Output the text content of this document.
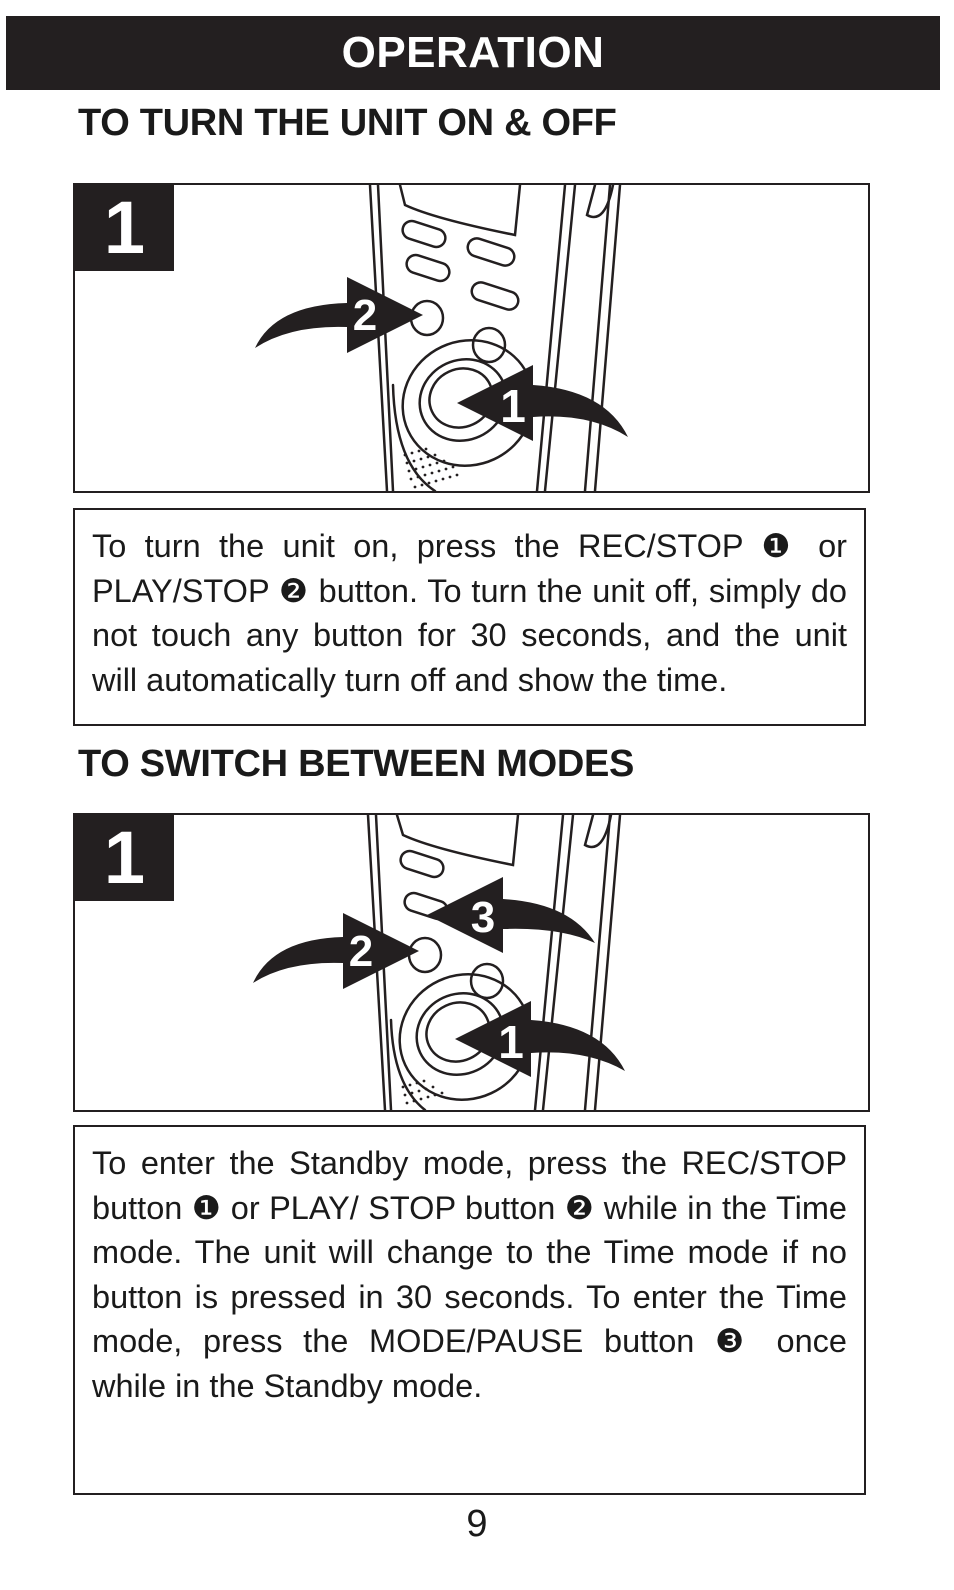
OPERATION
TO TURN THE UNIT ON & OFF
2
1
1
To turn the unit on, press the REC/STOP ❶ or PLAY/STOP ❷ button. To turn the unit off, simply do not touch any button for 30 seconds, and the unit will automatically turn off and show the time.
TO SWITCH BETWEEN MODES
3
2
1
1
To enter the Standby mode, press the REC/STOP button ❶ or PLAY/ STOP button ❷ while in the Time mode. The unit will change to the Time mode if no button is pressed in 30 seconds. To enter the Time mode, press the MODE/PAUSE button ❸ once while in the Standby mode.
9
